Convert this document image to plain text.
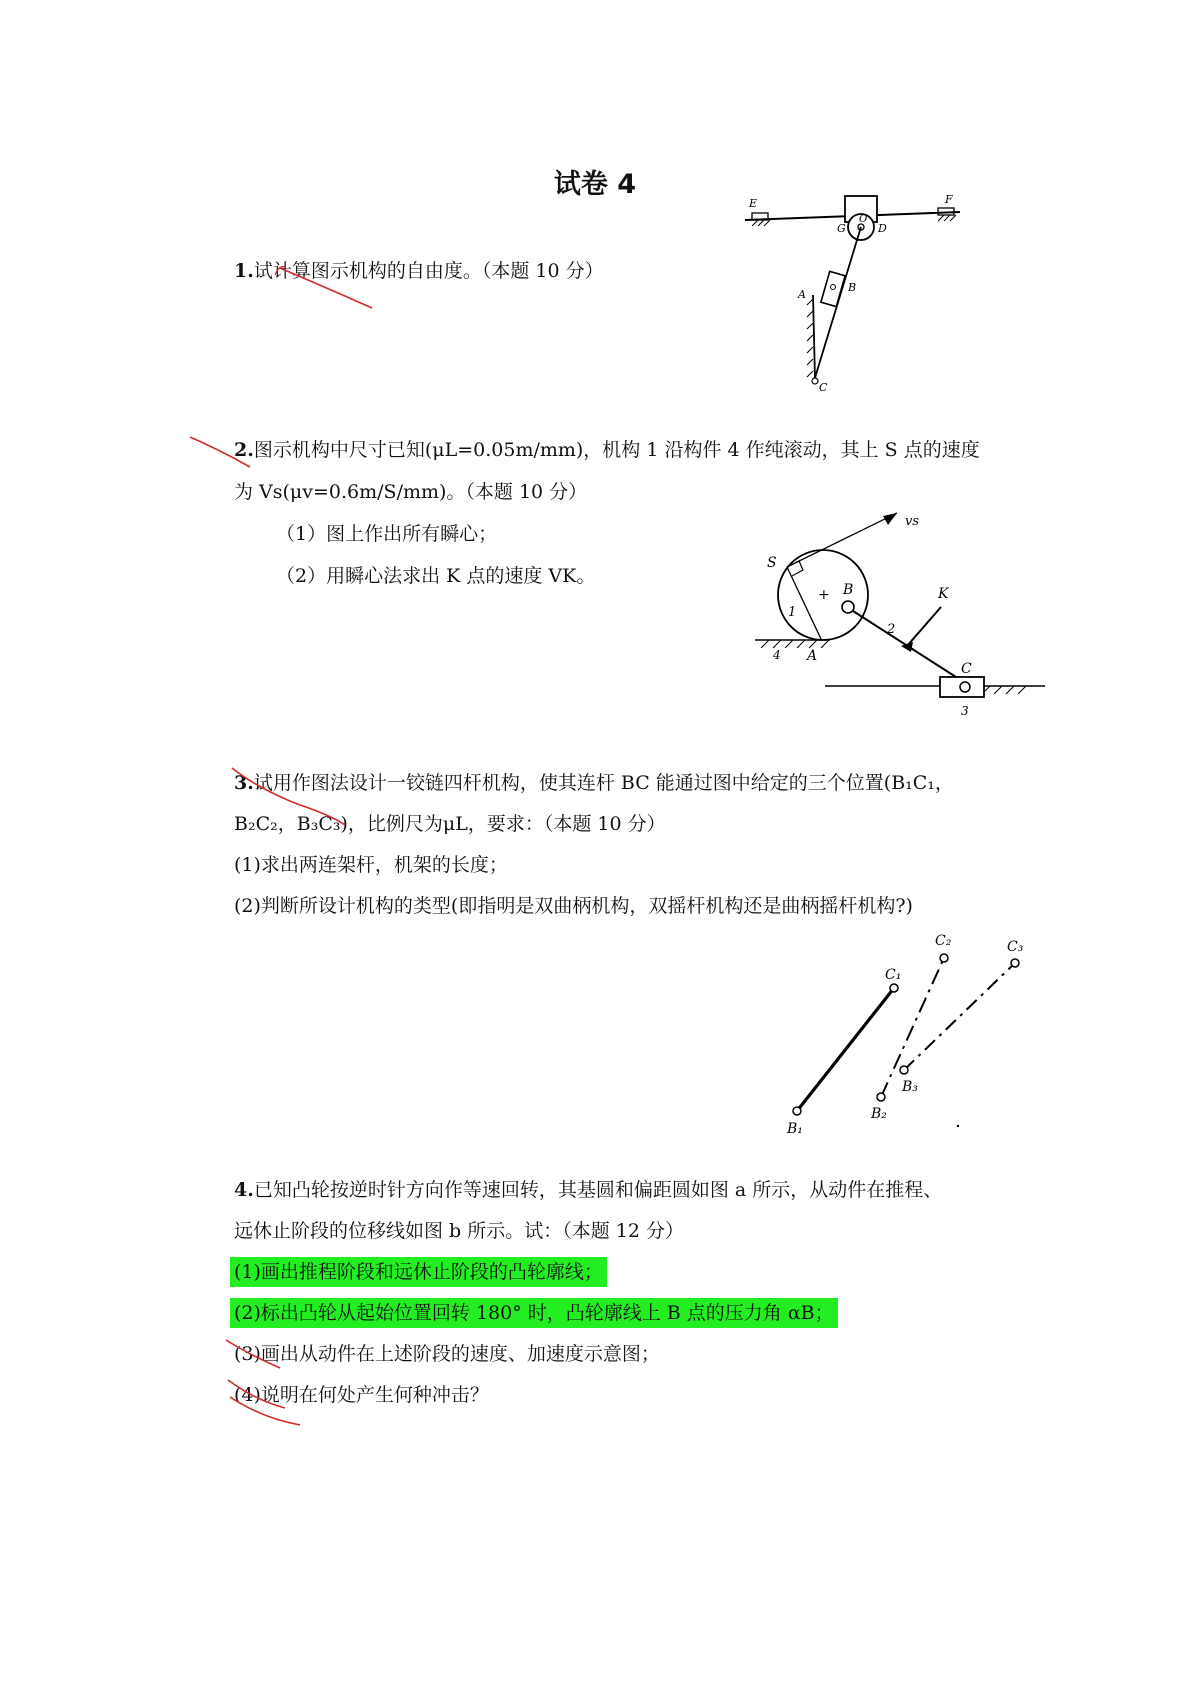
试卷 4
1.试计算图示机构的自由度。（本题 10 分）
E	F
G
O
D
A
B
C
2.图示机构中尺寸已知(μL=0.05m/mm)，机构 1 沿构件 4 作纯滚动，其上 S 点的速度
为 Vs(μv=0.6m/S/mm)。（本题 10 分）
（1）图上作出所有瞬心；
（2）用瞬心法求出 K 点的速度 VK。
+
vs
S
B	K
1
2
4 A
C
3
3.试用作图法设计一铰链四杆机构，使其连杆 BC 能通过图中给定的三个位置(B₁C₁，
B₂C₂，B₃C₃)，比例尺为μL，要求：（本题 10 分）
(1)求出两连架杆，机架的长度；
(2)判断所设计机构的类型(即指明是双曲柄机构，双摇杆机构还是曲柄摇杆机构?)
C₁
C₂	C₃
B₁
B₂
B₃
4.已知凸轮按逆时针方向作等速回转，其基圆和偏距圆如图 a 所示，从动件在推程、
远休止阶段的位移线如图 b 所示。试：（本题 12 分）
(1)画出推程阶段和远休止阶段的凸轮廓线；
(2)标出凸轮从起始位置回转 180° 时，凸轮廓线上 B 点的压力角 αB；
(3)画出从动件在上述阶段的速度、加速度示意图；
(4)说明在何处产生何种冲击？
